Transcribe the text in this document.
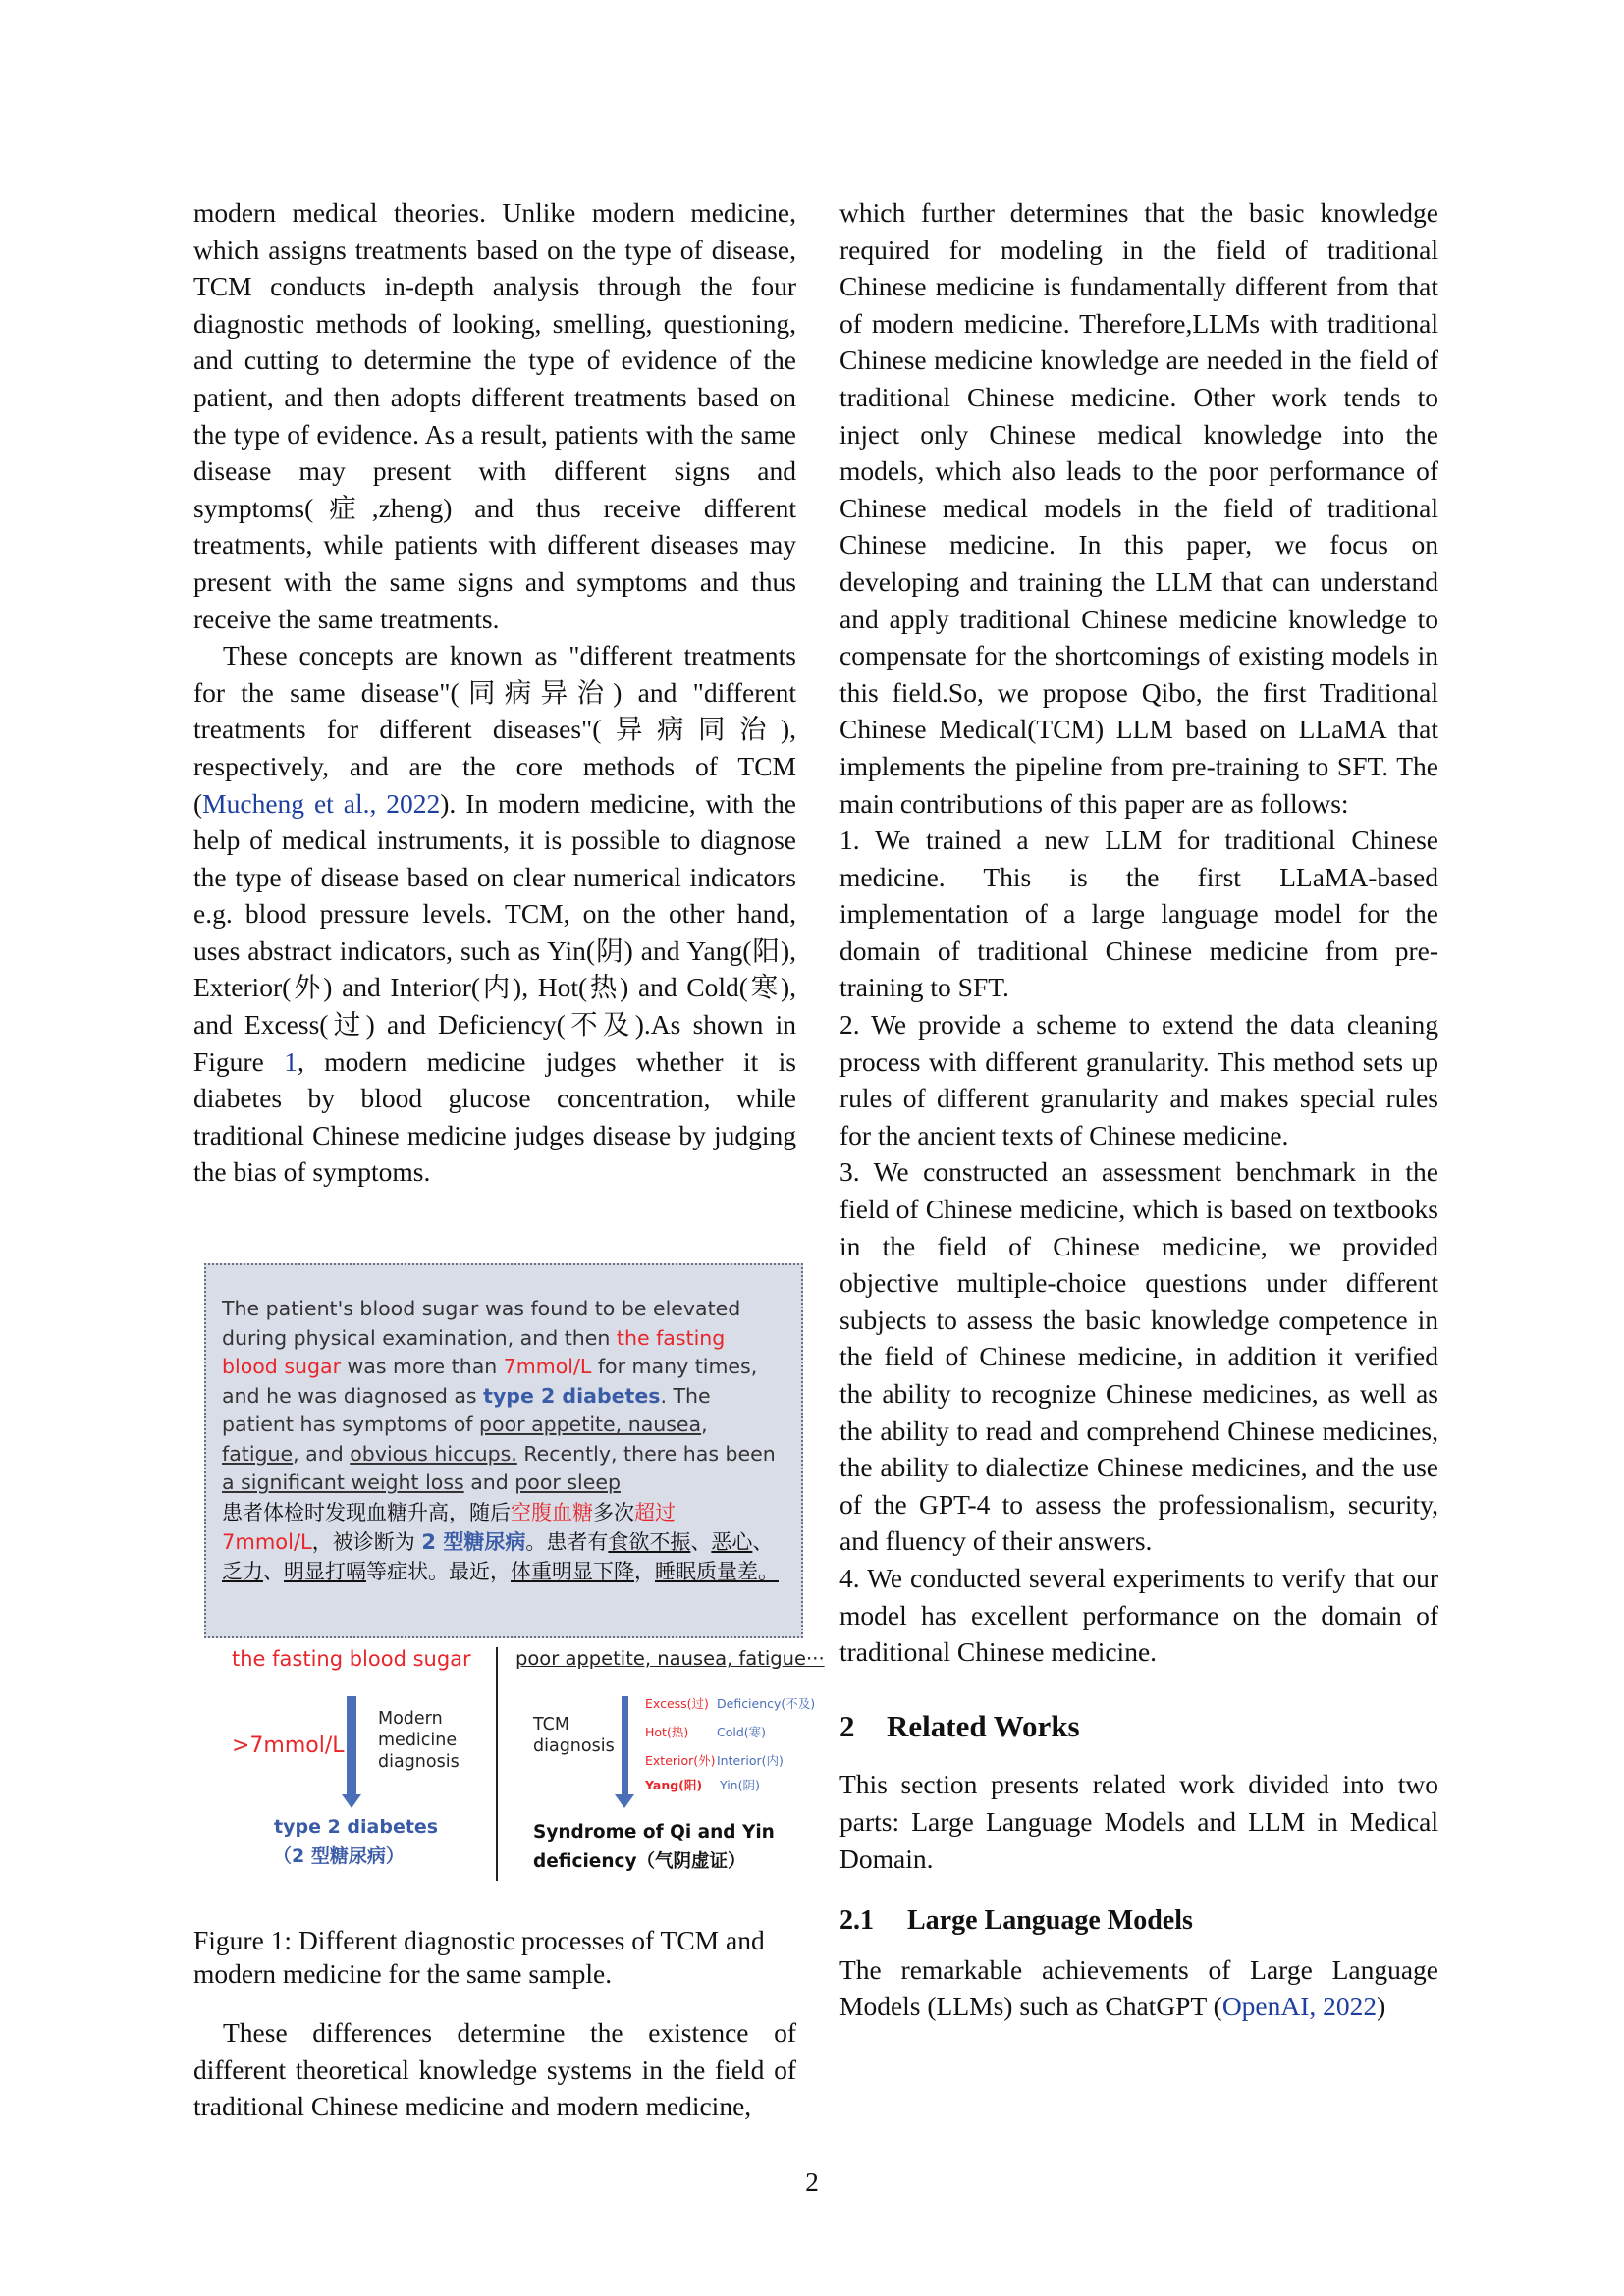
modern medical theories. Unlike modern medicine, which assigns treatments based on the type of disease, TCM conducts in-depth analysis through the four diagnostic methods of looking, smelling, questioning, and cutting to determine the type of evidence of the patient, and then adopts different treatments based on the type of evidence. As a result, patients with the same disease may present with different signs and symptoms(症,zheng) and thus receive different treatments, while patients with different diseases may present with the same signs and symptoms and thus receive the same treatments.

These concepts are known as "different treatments for the same disease"(同病异治) and "different treatments for different diseases"(异病同治), respectively, and are the core methods of TCM (Mucheng et al., 2022). In modern medicine, with the help of medical instruments, it is possible to diagnose the type of disease based on clear numerical indicators e.g. blood pressure levels. TCM, on the other hand, uses abstract indicators, such as Yin(阴) and Yang(阳), Exterior(外) and Interior(内), Hot(热) and Cold(寒), and Excess(过) and Deficiency(不及).As shown in Figure 1, modern medicine judges whether it is diabetes by blood glucose concentration, while traditional Chinese medicine judges disease by judging the bias of symptoms.

The patient's blood sugar was found to be elevated during physical examination, and then the fasting blood sugar was more than 7mmol/L for many times, and he was diagnosed as type 2 diabetes. The patient has symptoms of poor appetite, nausea, fatigue, and obvious hiccups. Recently, there has been a significant weight loss and poor sleep
患者体检时发现血糖升高，随后空腹血糖多次超过7mmol/L，被诊断为 2 型糖尿病。患者有食欲不振、恶心、乏力、明显打嗝等症状。最近，体重明显下降，睡眠质量差。
the fasting blood sugar
>7mmol/L
Modern medicine diagnosis
type 2 diabetes
（2 型糖尿病）
poor appetite, nausea, fatigue···
TCM diagnosis
Excess(过) Deficiency(不及)
Hot(热) Cold(寒)
Exterior(外) Interior(内)
Yang(阳) Yin(阴)
Syndrome of Qi and Yin
deficiency（气阴虚证）
Figure 1: Different diagnostic processes of TCM and modern medicine for the same sample.

These differences determine the existence of different theoretical knowledge systems in the field of traditional Chinese medicine and modern medicine,

which further determines that the basic knowledge required for modeling in the field of traditional Chinese medicine is fundamentally different from that of modern medicine. Therefore,LLMs with traditional Chinese medicine knowledge are needed in the field of traditional Chinese medicine. Other work tends to inject only Chinese medical knowledge into the models, which also leads to the poor performance of Chinese medical models in the field of traditional Chinese medicine. In this paper, we focus on developing and training the LLM that can understand and apply traditional Chinese medicine knowledge to compensate for the shortcomings of existing models in this field.So, we propose Qibo, the first Traditional Chinese Medical(TCM) LLM based on LLaMA that implements the pipeline from pre-training to SFT. The main contributions of this paper are as follows:

1. We trained a new LLM for traditional Chinese medicine. This is the first LLaMA-based implementation of a large language model for the domain of traditional Chinese medicine from pre-training to SFT.

2. We provide a scheme to extend the data cleaning process with different granularity. This method sets up rules of different granularity and makes special rules for the ancient texts of Chinese medicine.

3. We constructed an assessment benchmark in the field of Chinese medicine, which is based on textbooks in the field of Chinese medicine, we provided objective multiple-choice questions under different subjects to assess the basic knowledge competence in the field of Chinese medicine, in addition it verified the ability to recognize Chinese medicines, as well as the ability to read and comprehend Chinese medicines, the ability to dialectize Chinese medicines, and the use of the GPT-4 to assess the professionalism, security, and fluency of their answers.

4. We conducted several experiments to verify that our model has excellent performance on the domain of traditional Chinese medicine.

2 Related Works

This section presents related work divided into two parts: Large Language Models and LLM in Medical Domain.

2.1 Large Language Models

The remarkable achievements of Large Language Models (LLMs) such as ChatGPT (OpenAI, 2022)

2
